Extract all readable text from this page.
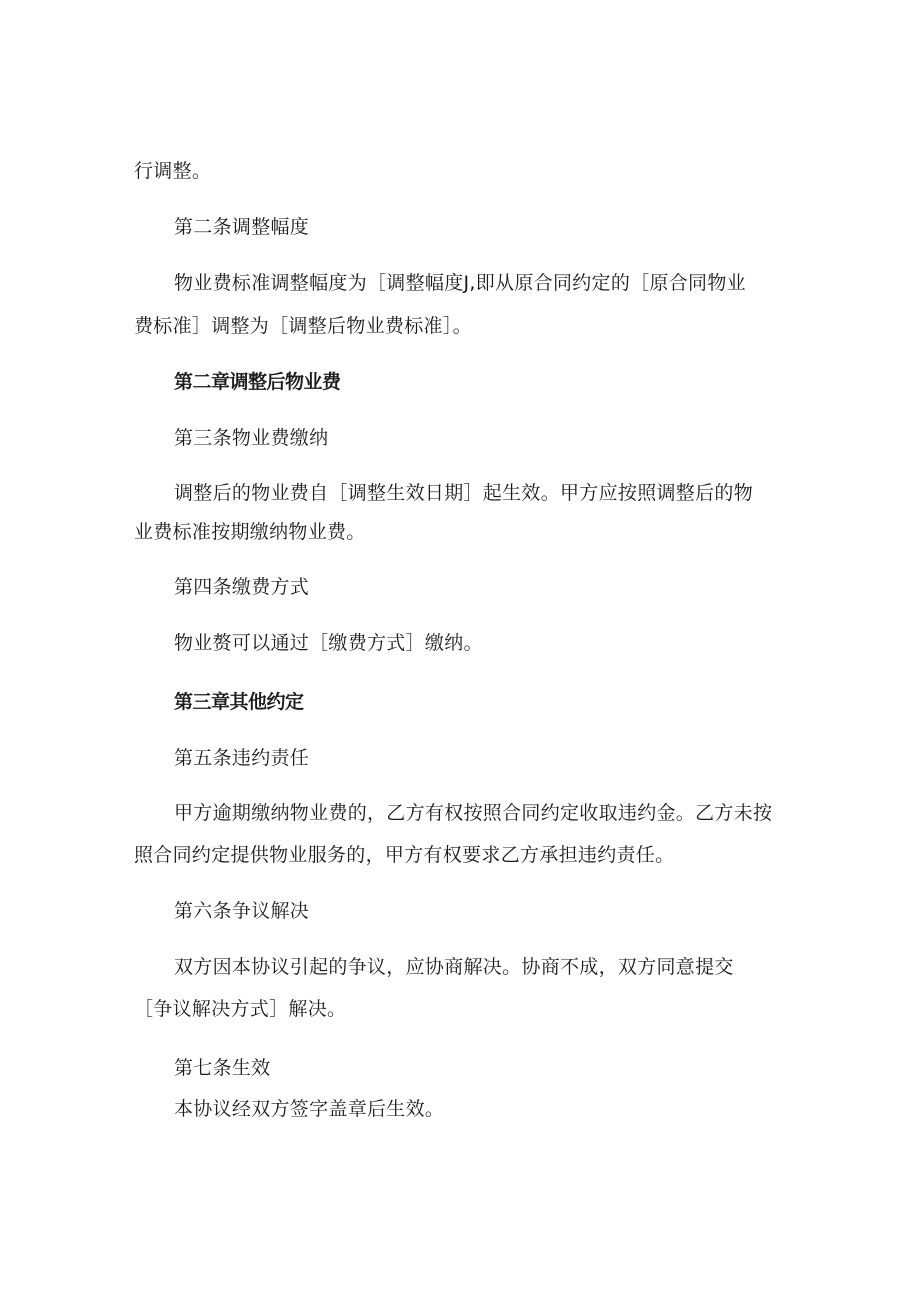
行调整。
第二条调整幅度
物业费标准调整幅度为［调整幅度J,即从原合同约定的［原合同物业
费标准］调整为［调整后物业费标准］。
第二章调整后物业费
第三条物业费缴纳
调整后的物业费自［调整生效日期］起生效。甲方应按照调整后的物
业费标准按期缴纳物业费。
第四条缴费方式
物业赘可以通过［缴费方式］缴纳。
第三章其他约定
第五条违约责任
甲方逾期缴纳物业费的，乙方有权按照合同约定收取违约金。乙方未按
照合同约定提供物业服务的，甲方有权要求乙方承担违约责任。
第六条争议解决
双方因本协议引起的争议，应协商解决。协商不成，双方同意提交
［争议解决方式］解决。
第七条生效
本协议经双方签字盖章后生效。
